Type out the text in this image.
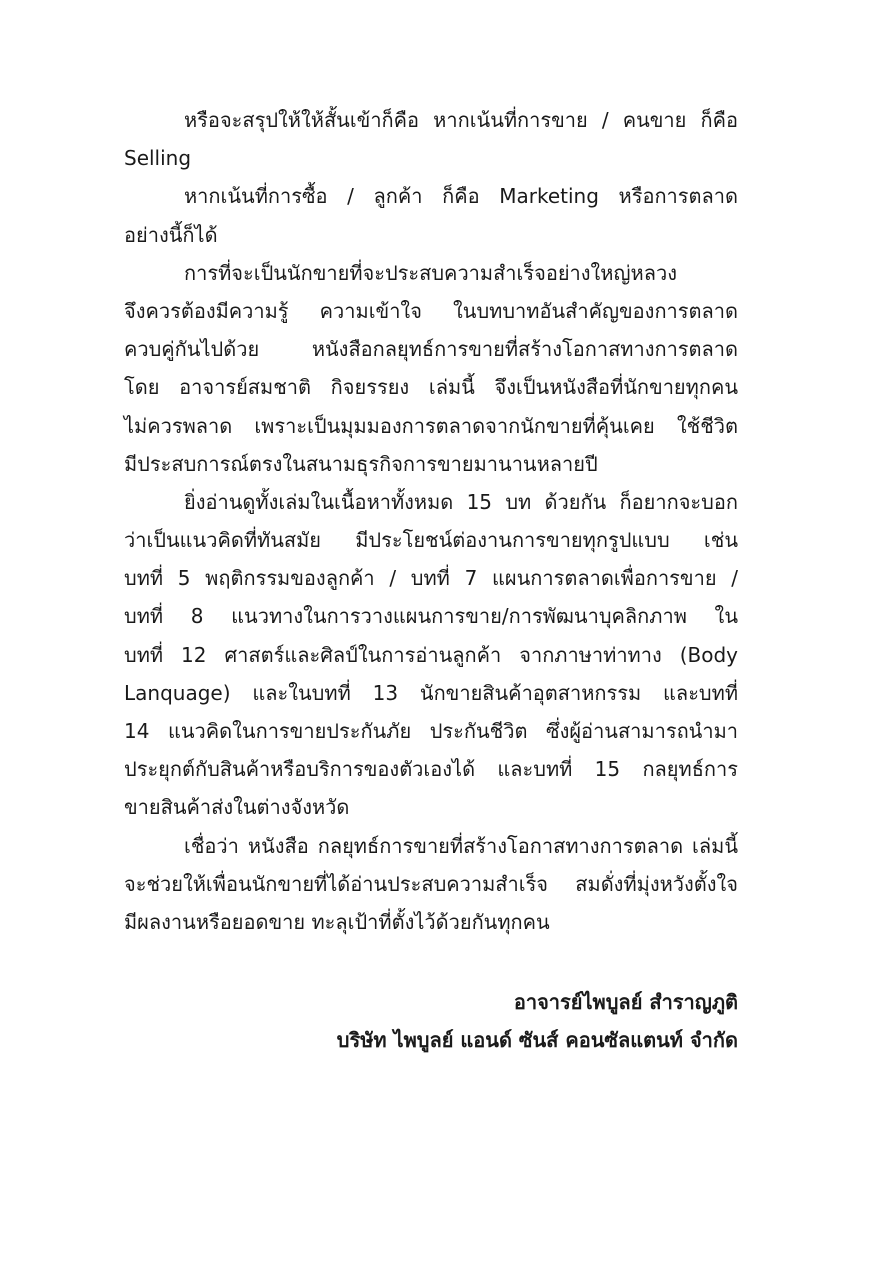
หรือจะสรุปให้ให้สั้นเข้าก็คือ หากเน้นที่การขาย / คนขาย ก็คือ
Selling
หากเน้นที่การซื้อ / ลูกค้า ก็คือ Marketing หรือการตลาด
อย่างนี้ก็ได้
การที่จะเป็นนักขายที่จะประสบความสำเร็จอย่างใหญ่หลวง
จึงควรต้องมีความรู้ ความเข้าใจ ในบทบาทอันสำคัญของการตลาด
ควบคู่กันไปด้วย หนังสือกลยุทธ์การขายที่สร้างโอกาสทางการตลาด
โดย อาจารย์สมชาติ กิจยรรยง เล่มนี้ จึงเป็นหนังสือที่นักขายทุกคน
ไม่ควรพลาด เพราะเป็นมุมมองการตลาดจากนักขายที่คุ้นเคย ใช้ชีวิต
มีประสบการณ์ตรงในสนามธุรกิจการขายมานานหลายปี
ยิ่งอ่านดูทั้งเล่มในเนื้อหาทั้งหมด 15 บท ด้วยกัน ก็อยากจะบอก
ว่าเป็นแนวคิดที่ทันสมัย มีประโยชน์ต่องานการขายทุกรูปแบบ เช่น
บทที่ 5 พฤติกรรมของลูกค้า / บทที่ 7 แผนการตลาดเพื่อการขาย /
บทที่ 8 แนวทางในการวางแผนการขาย/การพัฒนาบุคลิกภาพ ใน
บทที่ 12 ศาสตร์และศิลป์ในการอ่านลูกค้า จากภาษาท่าทาง (Body
Lanquage) และในบทที่ 13 นักขายสินค้าอุตสาหกรรม และบทที่
14 แนวคิดในการขายประกันภัย ประกันชีวิต ซึ่งผู้อ่านสามารถนำมา
ประยุกต์กับสินค้าหรือบริการของตัวเองได้ และบทที่ 15 กลยุทธ์การ
ขายสินค้าส่งในต่างจังหวัด
เชื่อว่า หนังสือ กลยุทธ์การขายที่สร้างโอกาสทางการตลาด เล่มนี้
จะช่วยให้เพื่อนนักขายที่ได้อ่านประสบความสำเร็จ สมดั่งที่มุ่งหวังตั้งใจ
มีผลงานหรือยอดขาย ทะลุเป้าที่ตั้งไว้ด้วยกันทุกคน
อาจารย์ไพบูลย์ สำราญภูติ
บริษัท ไพบูลย์ แอนด์ ซันส์ คอนซัลแตนท์ จำกัด
